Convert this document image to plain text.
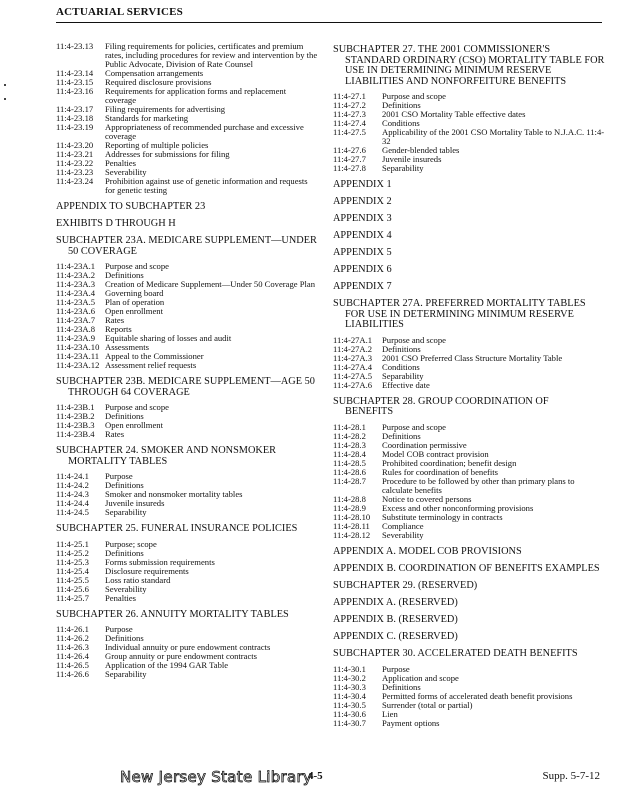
ACTUARIAL SERVICES
11:4-23.13	Filing requirements for policies, certificates and premium rates, including procedures for review and intervention by the Public Advocate, Division of Rate Counsel
11:4-23.14	Compensation arrangements
11:4-23.15	Required disclosure provisions
11:4-23.16	Requirements for application forms and replacement coverage
11:4-23.17	Filing requirements for advertising
11:4-23.18	Standards for marketing
11:4-23.19	Appropriateness of recommended purchase and excessive coverage
11:4-23.20	Reporting of multiple policies
11:4-23.21	Addresses for submissions for filing
11:4-23.22	Penalties
11:4-23.23	Severability
11:4-23.24	Prohibition against use of genetic information and requests for genetic testing
APPENDIX TO SUBCHAPTER 23
EXHIBITS D THROUGH H
SUBCHAPTER 23A. MEDICARE SUPPLEMENT—UNDER
50 COVERAGE
11:4-23A.1	Purpose and scope
11:4-23A.2	Definitions
11:4-23A.3	Creation of Medicare Supplement—Under 50 Coverage Plan
11:4-23A.4	Governing board
11:4-23A.5	Plan of operation
11:4-23A.6	Open enrollment
11:4-23A.7	Rates
11:4-23A.8	Reports
11:4-23A.9	Equitable sharing of losses and audit
11:4-23A.10 Assessments
11:4-23A.11 Appeal to the Commissioner
11:4-23A.12 Assessment relief requests
SUBCHAPTER 23B. MEDICARE SUPPLEMENT—AGE 50
THROUGH 64 COVERAGE
11:4-23B.1	Purpose and scope
11:4-23B.2	Definitions
11:4-23B.3	Open enrollment
11:4-23B.4	Rates
SUBCHAPTER 24. SMOKER AND NONSMOKER
MORTALITY TABLES
11:4-24.1	Purpose
11:4-24.2	Definitions
11:4-24.3	Smoker and nonsmoker mortality tables
11:4-24.4	Juvenile insureds
11:4-24.5	Separability
SUBCHAPTER 25. FUNERAL INSURANCE POLICIES
11:4-25.1	Purpose; scope
11:4-25.2	Definitions
11:4-25.3	Forms submission requirements
11:4-25.4	Disclosure requirements
11:4-25.5	Loss ratio standard
11:4-25.6	Severability
11:4-25.7	Penalties
SUBCHAPTER 26. ANNUITY MORTALITY TABLES
11:4-26.1	Purpose
11:4-26.2	Definitions
11:4-26.3	Individual annuity or pure endowment contracts
11:4-26.4	Group annuity or pure endowment contracts
11:4-26.5	Application of the 1994 GAR Table
11:4-26.6	Separability
SUBCHAPTER 27. THE 2001 COMMISSIONER'S
STANDARD ORDINARY (CSO) MORTALITY TABLE FOR USE IN DETERMINING MINIMUM RESERVE LIABILITIES AND NONFORFEITURE BENEFITS
11:4-27.1	Purpose and scope
11:4-27.2	Definitions
11:4-27.3	2001 CSO Mortality Table effective dates
11:4-27.4	Conditions
11:4-27.5	Applicability of the 2001 CSO Mortality Table to N.J.A.C. 11:4-32
11:4-27.6	Gender-blended tables
11:4-27.7	Juvenile insureds
11:4-27.8	Separability
APPENDIX 1
APPENDIX 2
APPENDIX 3
APPENDIX 4
APPENDIX 5
APPENDIX 6
APPENDIX 7
SUBCHAPTER 27A. PREFERRED MORTALITY TABLES
FOR USE IN DETERMINING MINIMUM RESERVE LIABILITIES
11:4-27A.1	Purpose and scope
11:4-27A.2	Definitions
11:4-27A.3	2001 CSO Preferred Class Structure Mortality Table
11:4-27A.4	Conditions
11:4-27A.5	Separability
11:4-27A.6	Effective date
SUBCHAPTER 28. GROUP COORDINATION OF
BENEFITS
11:4-28.1	Purpose and scope
11:4-28.2	Definitions
11:4-28.3	Coordination permissive
11:4-28.4	Model COB contract provision
11:4-28.5	Prohibited coordination; benefit design
11:4-28.6	Rules for coordination of benefits
11:4-28.7	Procedure to be followed by other than primary plans to calculate benefits
11:4-28.8	Notice to covered persons
11:4-28.9	Excess and other nonconforming provisions
11:4-28.10	Substitute terminology in contracts
11:4-28.11	Compliance
11:4-28.12	Severability
APPENDIX A. MODEL COB PROVISIONS
APPENDIX B. COORDINATION OF BENEFITS EXAMPLES
SUBCHAPTER 29. (RESERVED)
APPENDIX A. (RESERVED)
APPENDIX B. (RESERVED)
APPENDIX C. (RESERVED)
SUBCHAPTER 30. ACCELERATED DEATH BENEFITS
11:4-30.1	Purpose
11:4-30.2	Application and scope
11:4-30.3	Definitions
11:4-30.4	Permitted forms of accelerated death benefit provisions
11:4-30.5	Surrender (total or partial)
11:4-30.6	Lien
11:4-30.7	Payment options
New Jersey State Library
4-5	Supp. 5-7-12
